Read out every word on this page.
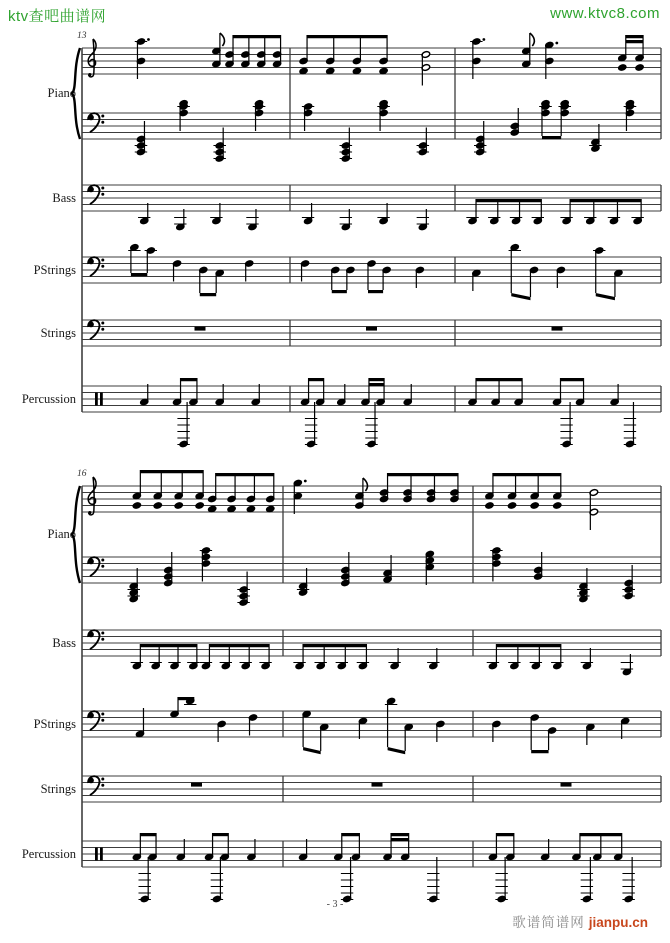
ktv查吧曲谱网	www.ktvc8.com
Piano
Bass
PStrings
Strings
Percussion
13
Piano
Bass
PStrings
Strings
Percussion
16
- 3 -
歌谱简谱网 jianpu.cn
